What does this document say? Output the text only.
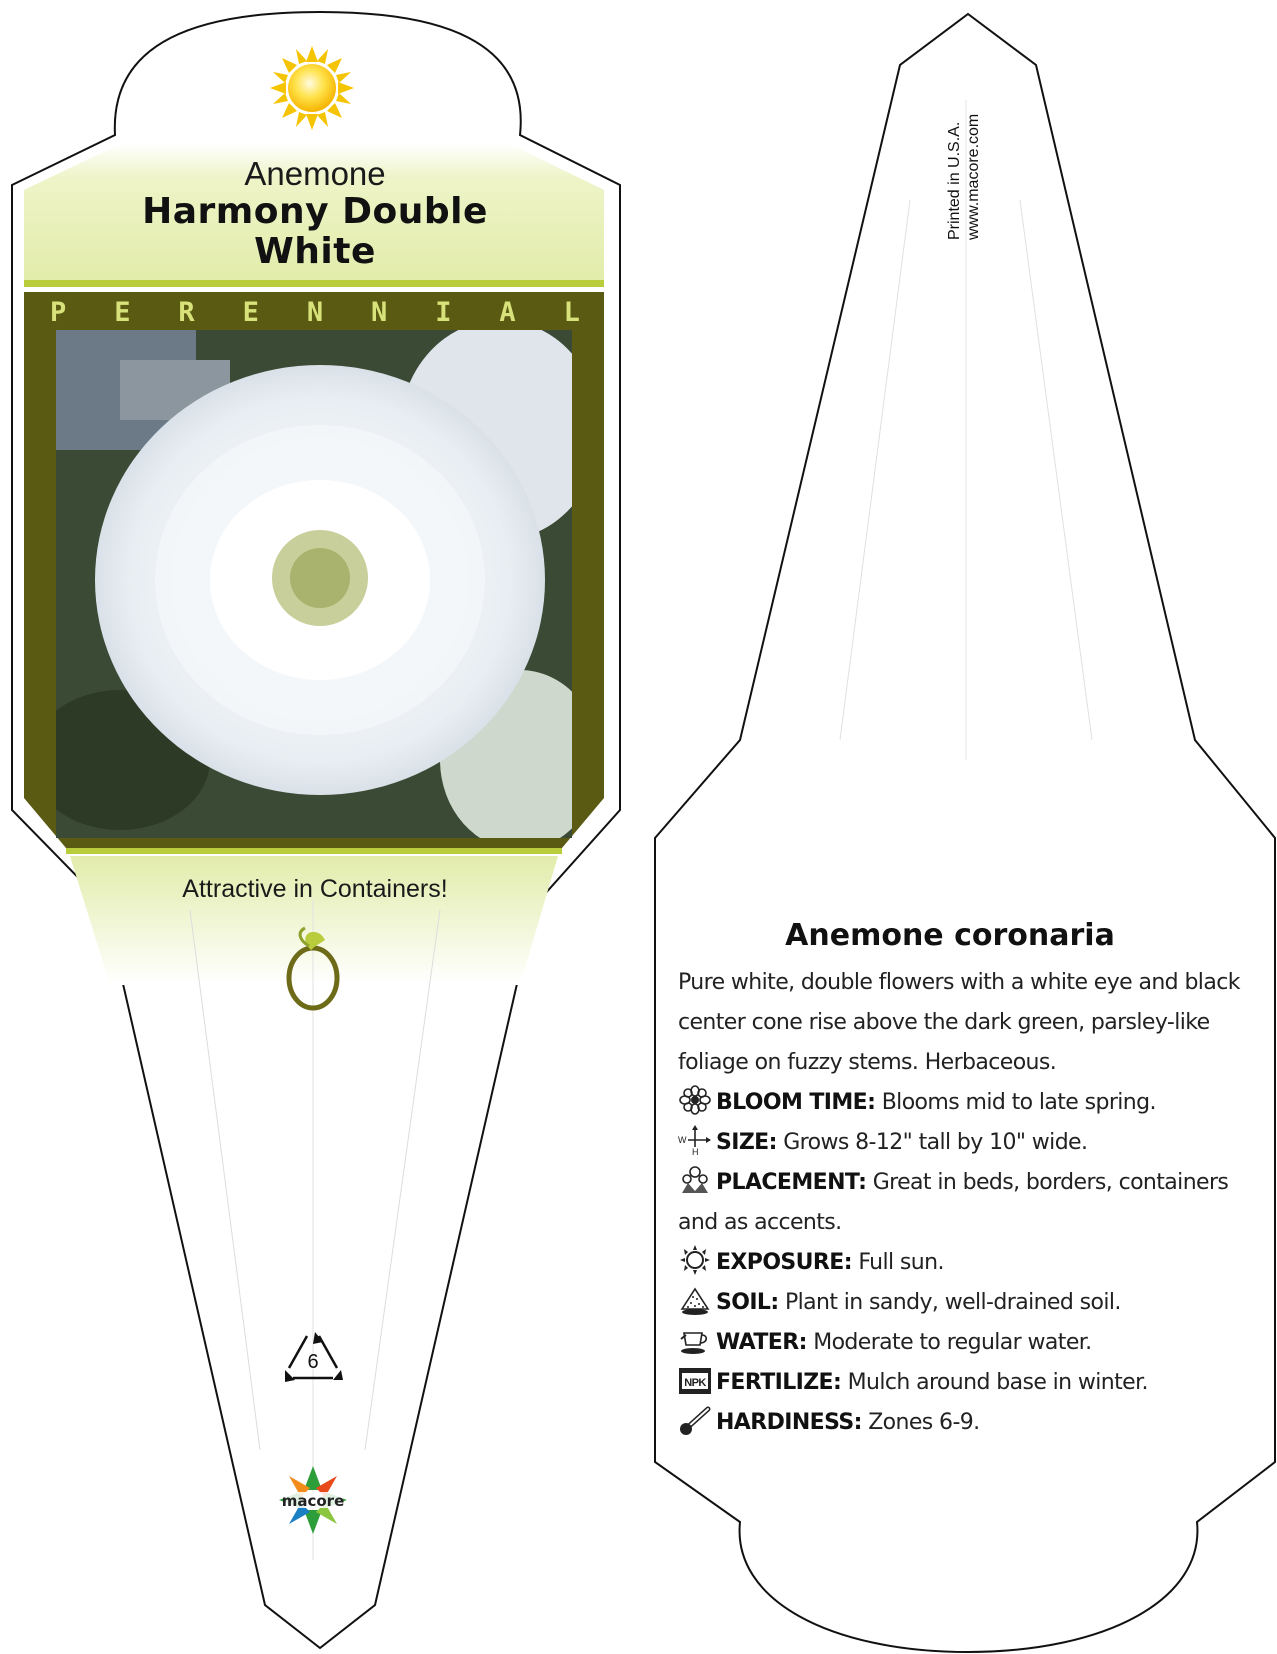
6
macore
Anemone
Harmony Double
White
P E R E N N I A L
Attractive in Containers!
Printed in U.S.A. www.macore.com
Anemone coronaria
Pure white, double flowers with a white eye and black
center cone rise above the dark green, parsley-like
foliage on fuzzy stems. Herbaceous.
BLOOM TIME: Blooms mid to late spring.
W
H SIZE: Grows 8-12" tall by 10" wide.
PLACEMENT: Great in beds, borders, containers
and as accents.
EXPOSURE: Full sun.
SOIL: Plant in sandy, well-drained soil.
WATER: Moderate to regular water.
NPK FERTILIZE: Mulch around base in winter.
HARDINESS: Zones 6-9.
